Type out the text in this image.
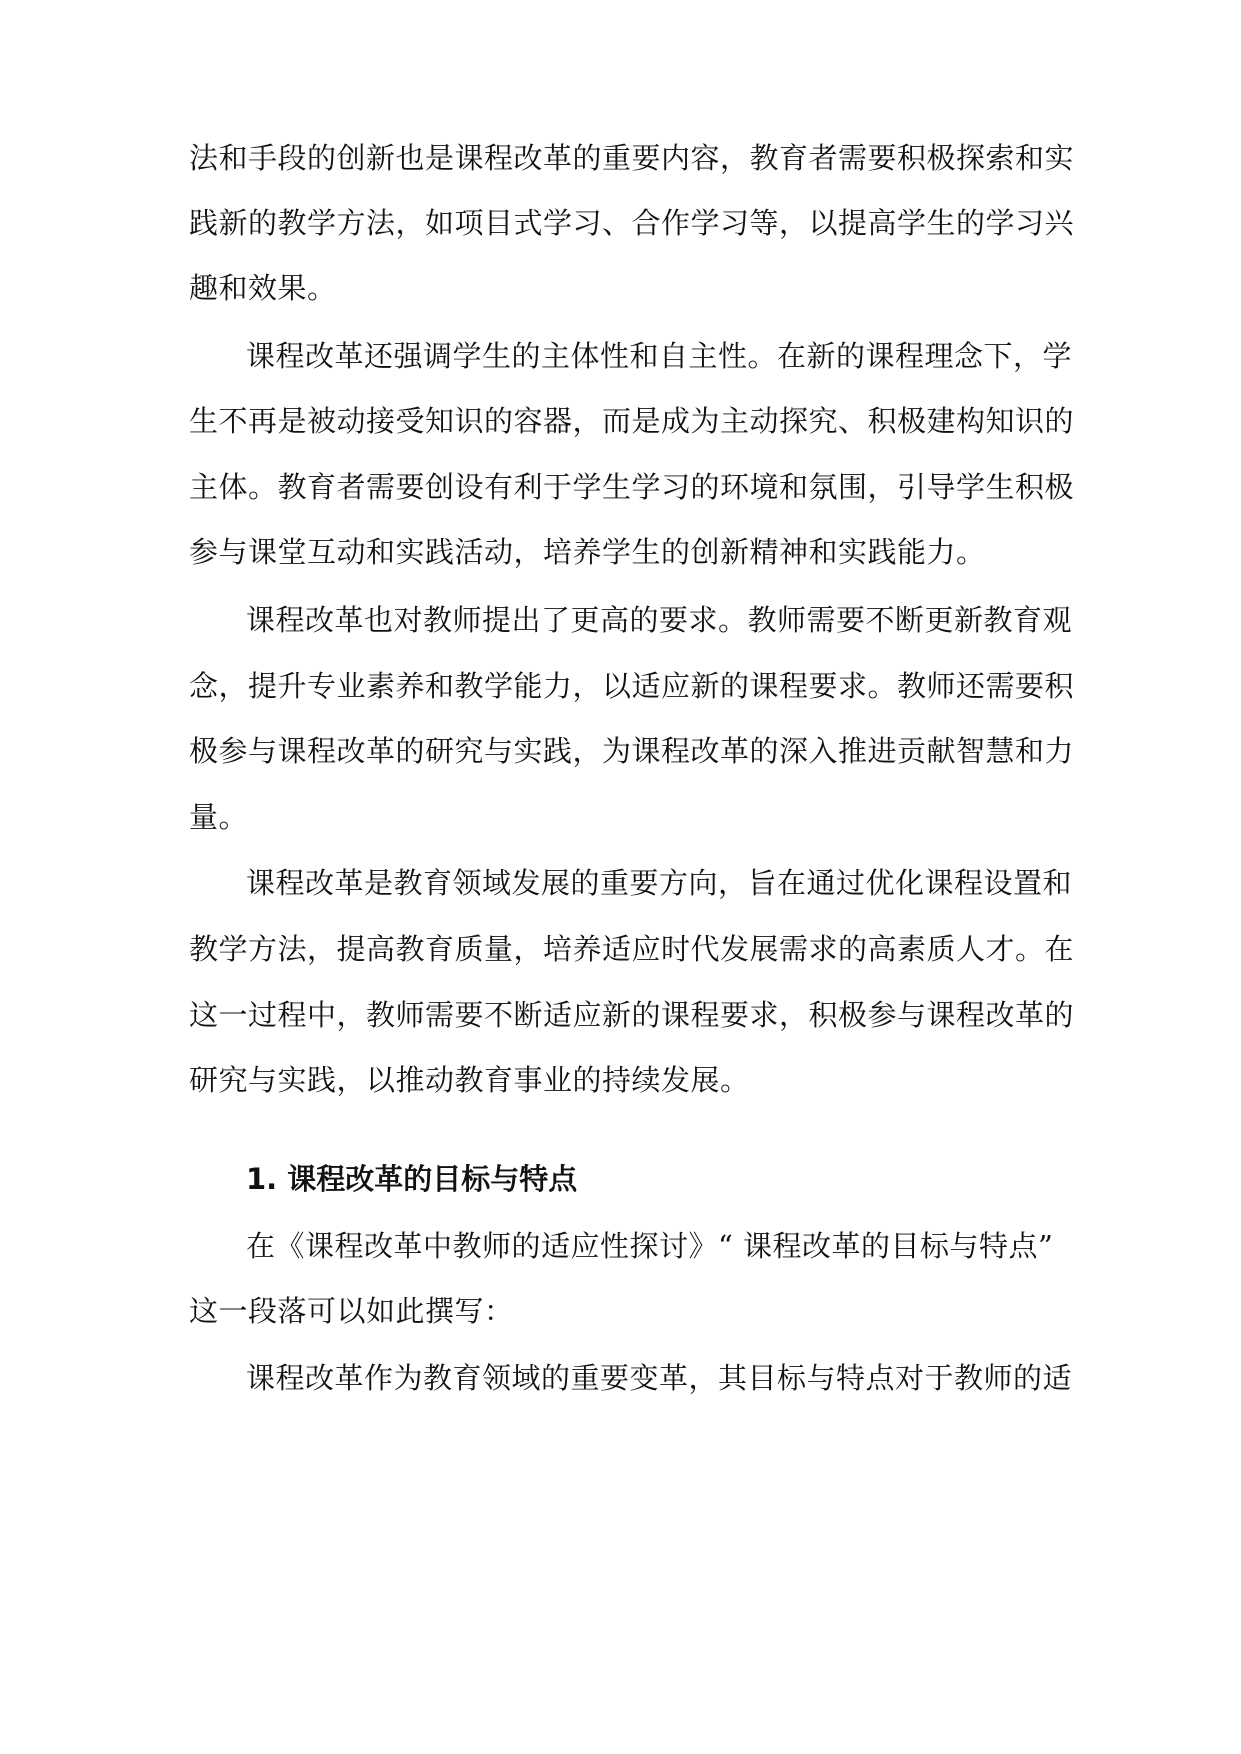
法和手段的创新也是课程改革的重要内容，教育者需要积极探索和实
践新的教学方法，如项目式学习、合作学习等，以提高学生的学习兴
趣和效果。
课程改革还强调学生的主体性和自主性。在新的课程理念下，学
生不再是被动接受知识的容器，而是成为主动探究、积极建构知识的
主体。教育者需要创设有利于学生学习的环境和氛围，引导学生积极
参与课堂互动和实践活动，培养学生的创新精神和实践能力。
课程改革也对教师提出了更高的要求。教师需要不断更新教育观
念，提升专业素养和教学能力，以适应新的课程要求。教师还需要积
极参与课程改革的研究与实践，为课程改革的深入推进贡献智慧和力
量。
课程改革是教育领域发展的重要方向，旨在通过优化课程设置和
教学方法，提高教育质量，培养适应时代发展需求的高素质人才。在
这一过程中，教师需要不断适应新的课程要求，积极参与课程改革的
研究与实践，以推动教育事业的持续发展。
1. 课程改革的目标与特点
在《课程改革中教师的适应性探讨》“ 课程改革的目标与特点”
这一段落可以如此撰写：
课程改革作为教育领域的重要变革，其目标与特点对于教师的适
